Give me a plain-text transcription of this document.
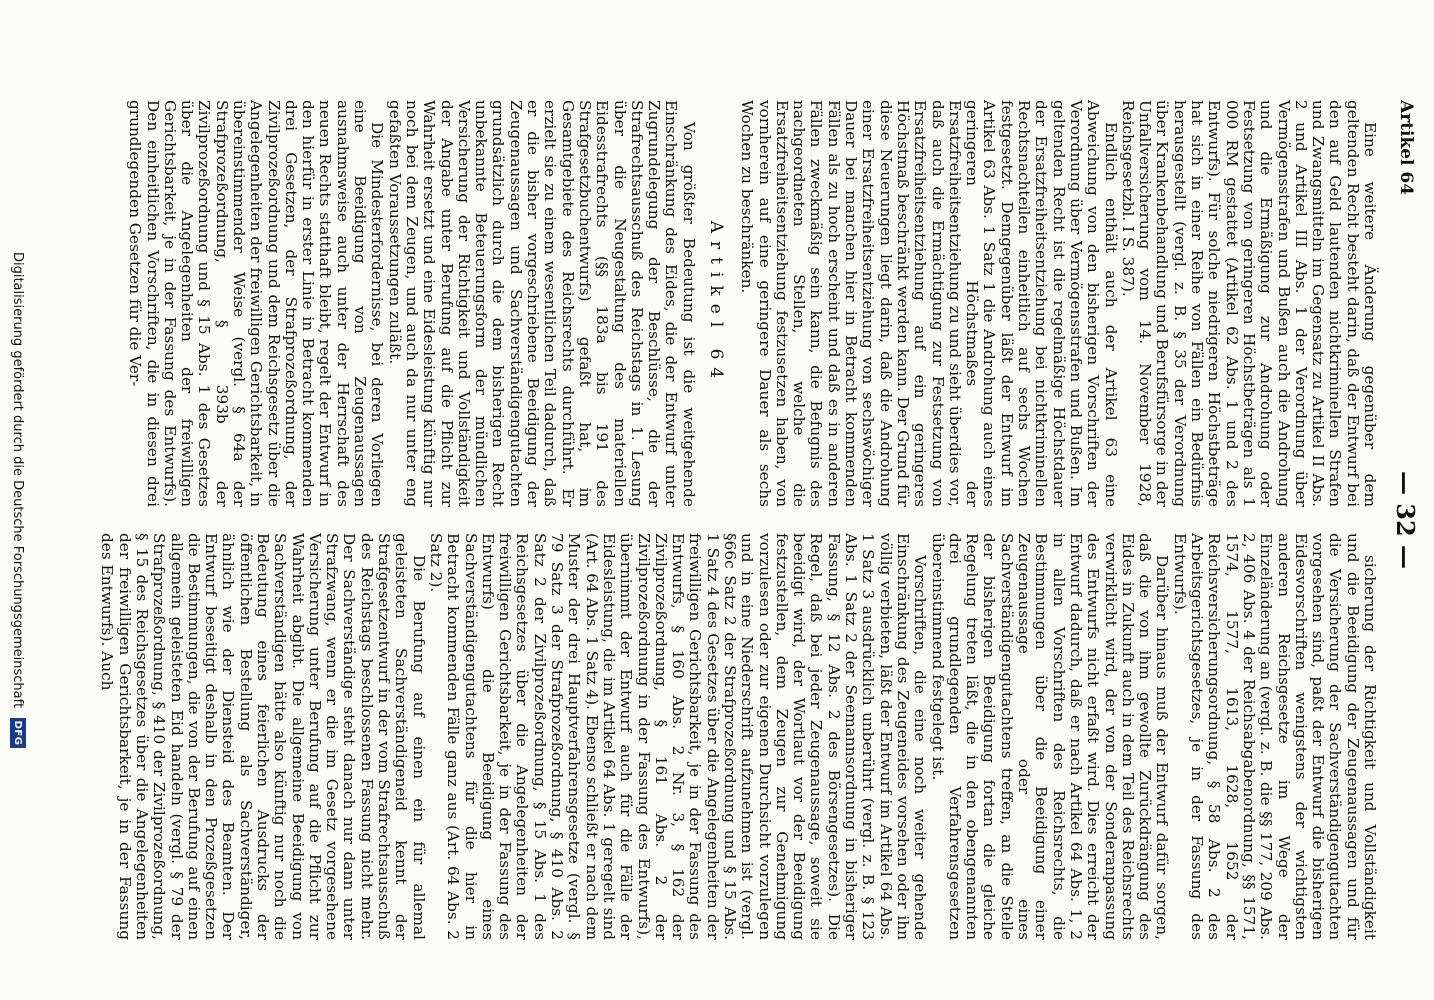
Artikel 64
— 32 —

Eine weitere Änderung gegenüber dem geltenden Recht besteht darin, daß der Entwurf bei den auf Geld lautenden nichtkriminellen Strafen und Zwangsmitteln im Gegensatz zu Artikel II Abs. 2 und Artikel III Abs. 1 der Verordnung über Vermögensstrafen und Bußen auch die Androhung und die Ermäßigung zur Androhung oder Festsetzung von geringeren Höchstbeträgen als 1 000 RM gestattet (Artikel 62 Abs. 1 und 2 des Entwurfs). Für solche niedrigeren Höchstbeträge hat sich in einer Reihe von Fällen ein Bedürfnis herausgestellt (vergl. z. B. § 35 der Verordnung über Krankenbehandlung und Berufsfürsorge in der Unfallversicherung vom 14. November 1928, Reichsgesetzbl. I S. 387).

Endlich enthält auch der Artikel 63 eine Abweichung von den bisherigen Vorschriften der Verordnung über Vermögensstrafen und Bußen. Im geltenden Recht ist die regelmäßige Höchstdauer der Ersatzfreiheitsentziehung bei nichtkriminellen Rechtsnachteilen einheitlich auf sechs Wochen festgesetzt. Demgegenüber läßt der Entwurf im Artikel 63 Abs. 1 Satz 1 die Androhung auch eines geringeren Höchstmaßes der Ersatzfreiheitsentziehung zu und sieht überdies vor, daß auch die Ermächtigung zur Festsetzung von Ersatzfreiheitsentziehung auf ein geringeres Höchstmaß beschränkt werden kann. Der Grund für diese Neuerungen liegt darin, daß die Androhung einer Ersatzfreiheitsentziehung von sechswöchiger Dauer bei manchen hier in Betracht kommenden Fällen als zu hoch erscheint und daß es in anderen Fällen zweckmäßig sein kann, die Befugnis des nachgeordneten Stellen, welche die Ersatzfreiheitsentziehung festzusetzen haben, von vornherein auf eine geringere Dauer als sechs Wochen zu beschränken.

Artikel 64

Von größter Bedeutung ist die weitgehende Einschränkung des Eides, die der Entwurf unter Zugrundelegung der Beschlüsse, die der Strafrechtsausschuß des Reichstags in 1. Lesung über die Neugestaltung des materiellen Eidesstrafrechts (§§ 183a bis 191 des Strafgesetzbuchentwurfs) gefaßt hat, im Gesamtgebiete des Reichsrechts durchführt. Er erzielt sie zu einem wesentlichen Teil dadurch, daß er die bisher vorgeschriebene Beeidigung der Zeugenaussagen und Sachverständigengutachten grundsätzlich durch die dem bisherigen Recht unbekannte Beteuerungsform der mündlichen Versicherung der Richtigkeit und Vollständigkeit der Angabe unter Berufung auf die Pflicht zur Wahrheit ersetzt und eine Eidesleistung künftig nur noch bei dem Zeugen, und auch da nur unter eng gefaßten Voraussetzungen zuläßt.

Die Mindesterfordernisse, bei deren Vorliegen eine Beeidigung von Zeugenaussagen ausnahmsweise auch unter der Herrschaft des neuen Rechts statthaft bleibt, regelt der Entwurf in den hierfür in erster Linie in Betracht kommenden drei Gesetzen, der Strafprozeßordnung, der Zivilprozeßordnung und dem Reichsgesetz über die Angelegenheiten der freiwilligen Gerichtsbarkeit, in übereinstimmender Weise (vergl. § 64a der Strafprozeßordnung, § 393b der Zivilprozeßordnung und § 15 Abs. 1 des Gesetzes über die Angelegenheiten der freiwilligen Gerichtsbarkeit, je in der Fassung des Entwurfs). Den einheitlichen Vorschriften, die in diesen drei grundlegenden Gesetzen für die Ver-

sicherung der Richtigkeit und Vollständigkeit und die Beeidigung der Zeugenaussagen und für die Versicherung der Sachverständigengutachten vorgesehen sind, paßt der Entwurf die bisherigen Eidesvorschriften wenigstens der wichtigsten anderen Reichsgesetze im Wege der Einzeländerung an (vergl. z. B. die §§ 177, 209 Abs. 2, 406 Abs. 4 der Reichsabgabenordnung, §§ 1571, 1574, 1577, 1613, 1628, 1652 der Reichsversicherungsordnung, § 58 Abs. 2 des Arbeitsgerichtsgesetzes, je in der Fassung des Entwurfs).

Darüber hinaus muß der Entwurf dafür sorgen, daß die von ihm gewollte Zurückdrängung des Eides in Zukunft auch in dem Teil des Reichsrechts verwirklicht wird, der von der Sonderanpassung des Entwurfs nicht erfaßt wird. Dies erreicht der Entwurf dadurch, daß er nach Artikel 64 Abs. 1, 2 in allen Vorschriften des Reichsrechts, die Bestimmungen über die Beeidigung einer Zeugenaussage oder eines Sachverständigengutachtens treffen, an die Stelle der bisherigen Beeidigung fortan die gleiche Regelung treten läßt, die in den obengenannten drei grundlegenden Verfahrensgesetzen übereinstimmend festgelegt ist.

Vorschriften, die eine noch weiter gehende Einschränkung des Zeugeneides vorsehen oder ihn völlig verbieten, läßt der Entwurf im Artikel 64 Abs. 1 Satz 3 ausdrücklich unberührt (vergl. z. B. § 123 Abs. 1 Satz 2 der Seemannsordnung in bisheriger Fassung, § 12 Abs. 2 des Börsengesetzes). Die Regel, daß bei jeder Zeugenaussage, soweit sie beeidigt wird, der Wortlaut vor der Beeidigung festzustellen, dem Zeugen zur Genehmigung vorzulesen oder zur eigenen Durchsicht vorzulegen und in eine Niederschrift aufzunehmen ist (vergl. §66c Satz 2 der Strafprozeßordnung und § 15 Abs. 1 Satz 4 des Gesetzes über die Angelegenheiten der freiwilligen Gerichtsbarkeit, je in der Fassung des Entwurfs, § 160 Abs. 2 Nr. 3, § 162 der Zivilprozeßordnung, § 161 Abs. 2 der Zivilprozeßordnung in der Fassung des Entwurfs), übernimmt der Entwurf auch für die Fälle der Eidesleistung, die im Artikel 64 Abs. 1 geregelt sind (Art. 64 Abs. 1 Satz 4). Ebenso schließt er nach dem Muster der drei Hauptverfahrensgesetze (vergl. § 79 Satz 3 der Strafprozeßordnung, § 410 Abs. 2 Satz 2 der Zivilprozeßordnung, § 15 Abs. 1 des Reichsgesetzes über die Angelegenheiten der freiwilligen Gerichtsbarkeit, je in der Fassung des Entwurfs) die Beeidigung eines Sachverständigengutachtens für die hier in Betracht kommenden Fälle ganz aus (Art. 64 Abs. 2 Satz 2).

Die Berufung auf einen ein für allemal geleisteten Sachverständigeneid kennt der Strafgesetzentwurf in der vom Strafrechtsausschuß des Reichstags beschlossenen Fassung nicht mehr. Der Sachverständige steht danach nur dann unter Strafzwang, wenn er die im Gesetz vorgesehene Versicherung unter Berufung auf die Pflicht zur Wahrheit abgibt. Die allgemeine Beeidigung von Sachverständigen hätte also künftig nur noch die Bedeutung eines feierlichen Ausdrucks der öffentlichen Bestellung als Sachverständiger, ähnlich wie der Diensteid des Beamten. Der Entwurf beseitigt deshalb in den Prozeßgesetzen die Bestimmungen, die von der Berufung auf einen allgemein geleisteten Eid handeln (vergl. § 79 der Strafprozeßordnung, § 410 der Zivilprozeßordnung, § 15 des Reichsgesetzes über die Angelegenheiten der freiwilligen Gerichtsbarkeit, je in der Fassung des Entwurfs). Auch

Digitalisierung gefördert durch die Deutsche Forschungsgemeinschaft
DFG
